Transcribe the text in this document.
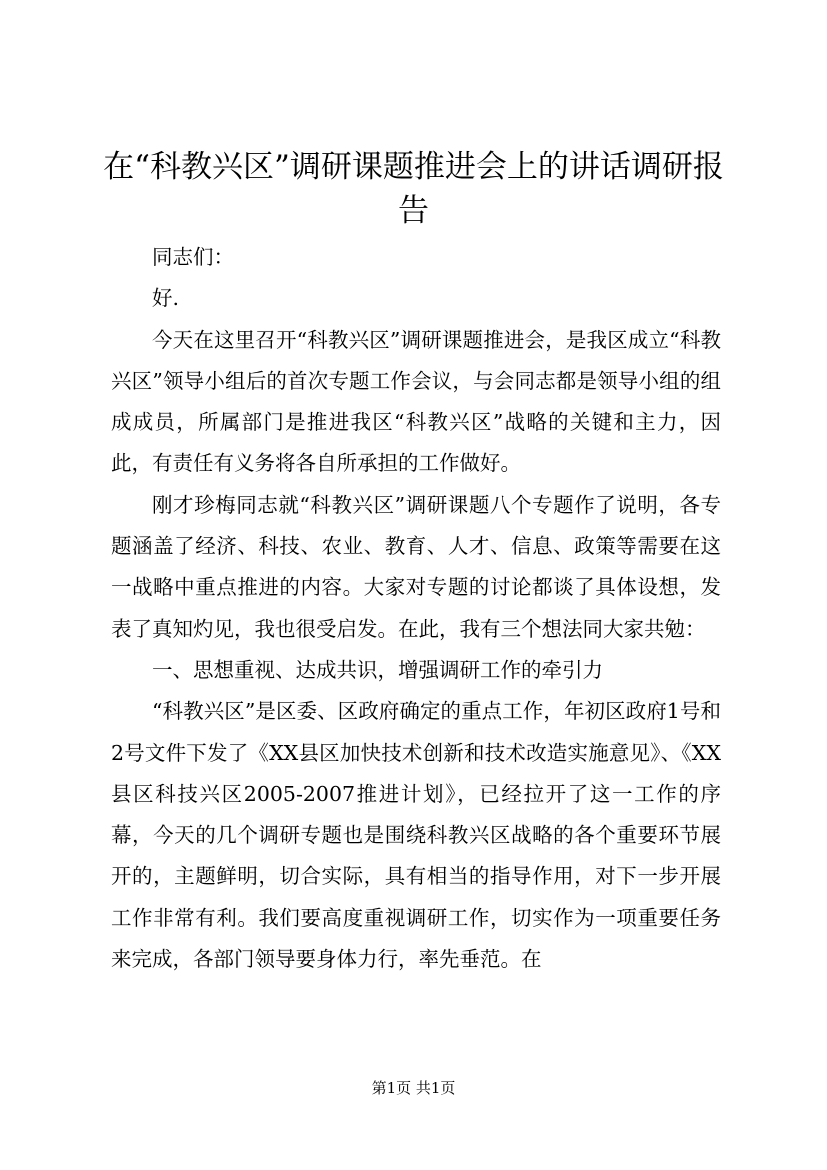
在“科教兴区”调研课题推进会上的讲话调研报告

同志们：

好.

今天在这里召开“科教兴区”调研课题推进会，是我区成立“科教兴区”领导小组后的首次专题工作会议，与会同志都是领导小组的组成成员，所属部门是推进我区“科教兴区”战略的关键和主力，因此，有责任有义务将各自所承担的工作做好。

刚才珍梅同志就“科教兴区”调研课题八个专题作了说明，各专题涵盖了经济、科技、农业、教育、人才、信息、政策等需要在这一战略中重点推进的内容。大家对专题的讨论都谈了具体设想，发表了真知灼见，我也很受启发。在此，我有三个想法同大家共勉：

一、思想重视、达成共识，增强调研工作的牵引力

“科教兴区”是区委、区政府确定的重点工作，年初区政府1号和2号文件下发了《XX县区加快技术创新和技术改造实施意见》、《XX县区科技兴区2005-2007推进计划》，已经拉开了这一工作的序幕，今天的几个调研专题也是围绕科教兴区战略的各个重要环节展开的，主题鲜明，切合实际，具有相当的指导作用，对下一步开展工作非常有利。我们要高度重视调研工作，切实作为一项重要任务来完成，各部门领导要身体力行，率先垂范。在

第1页 共1页
